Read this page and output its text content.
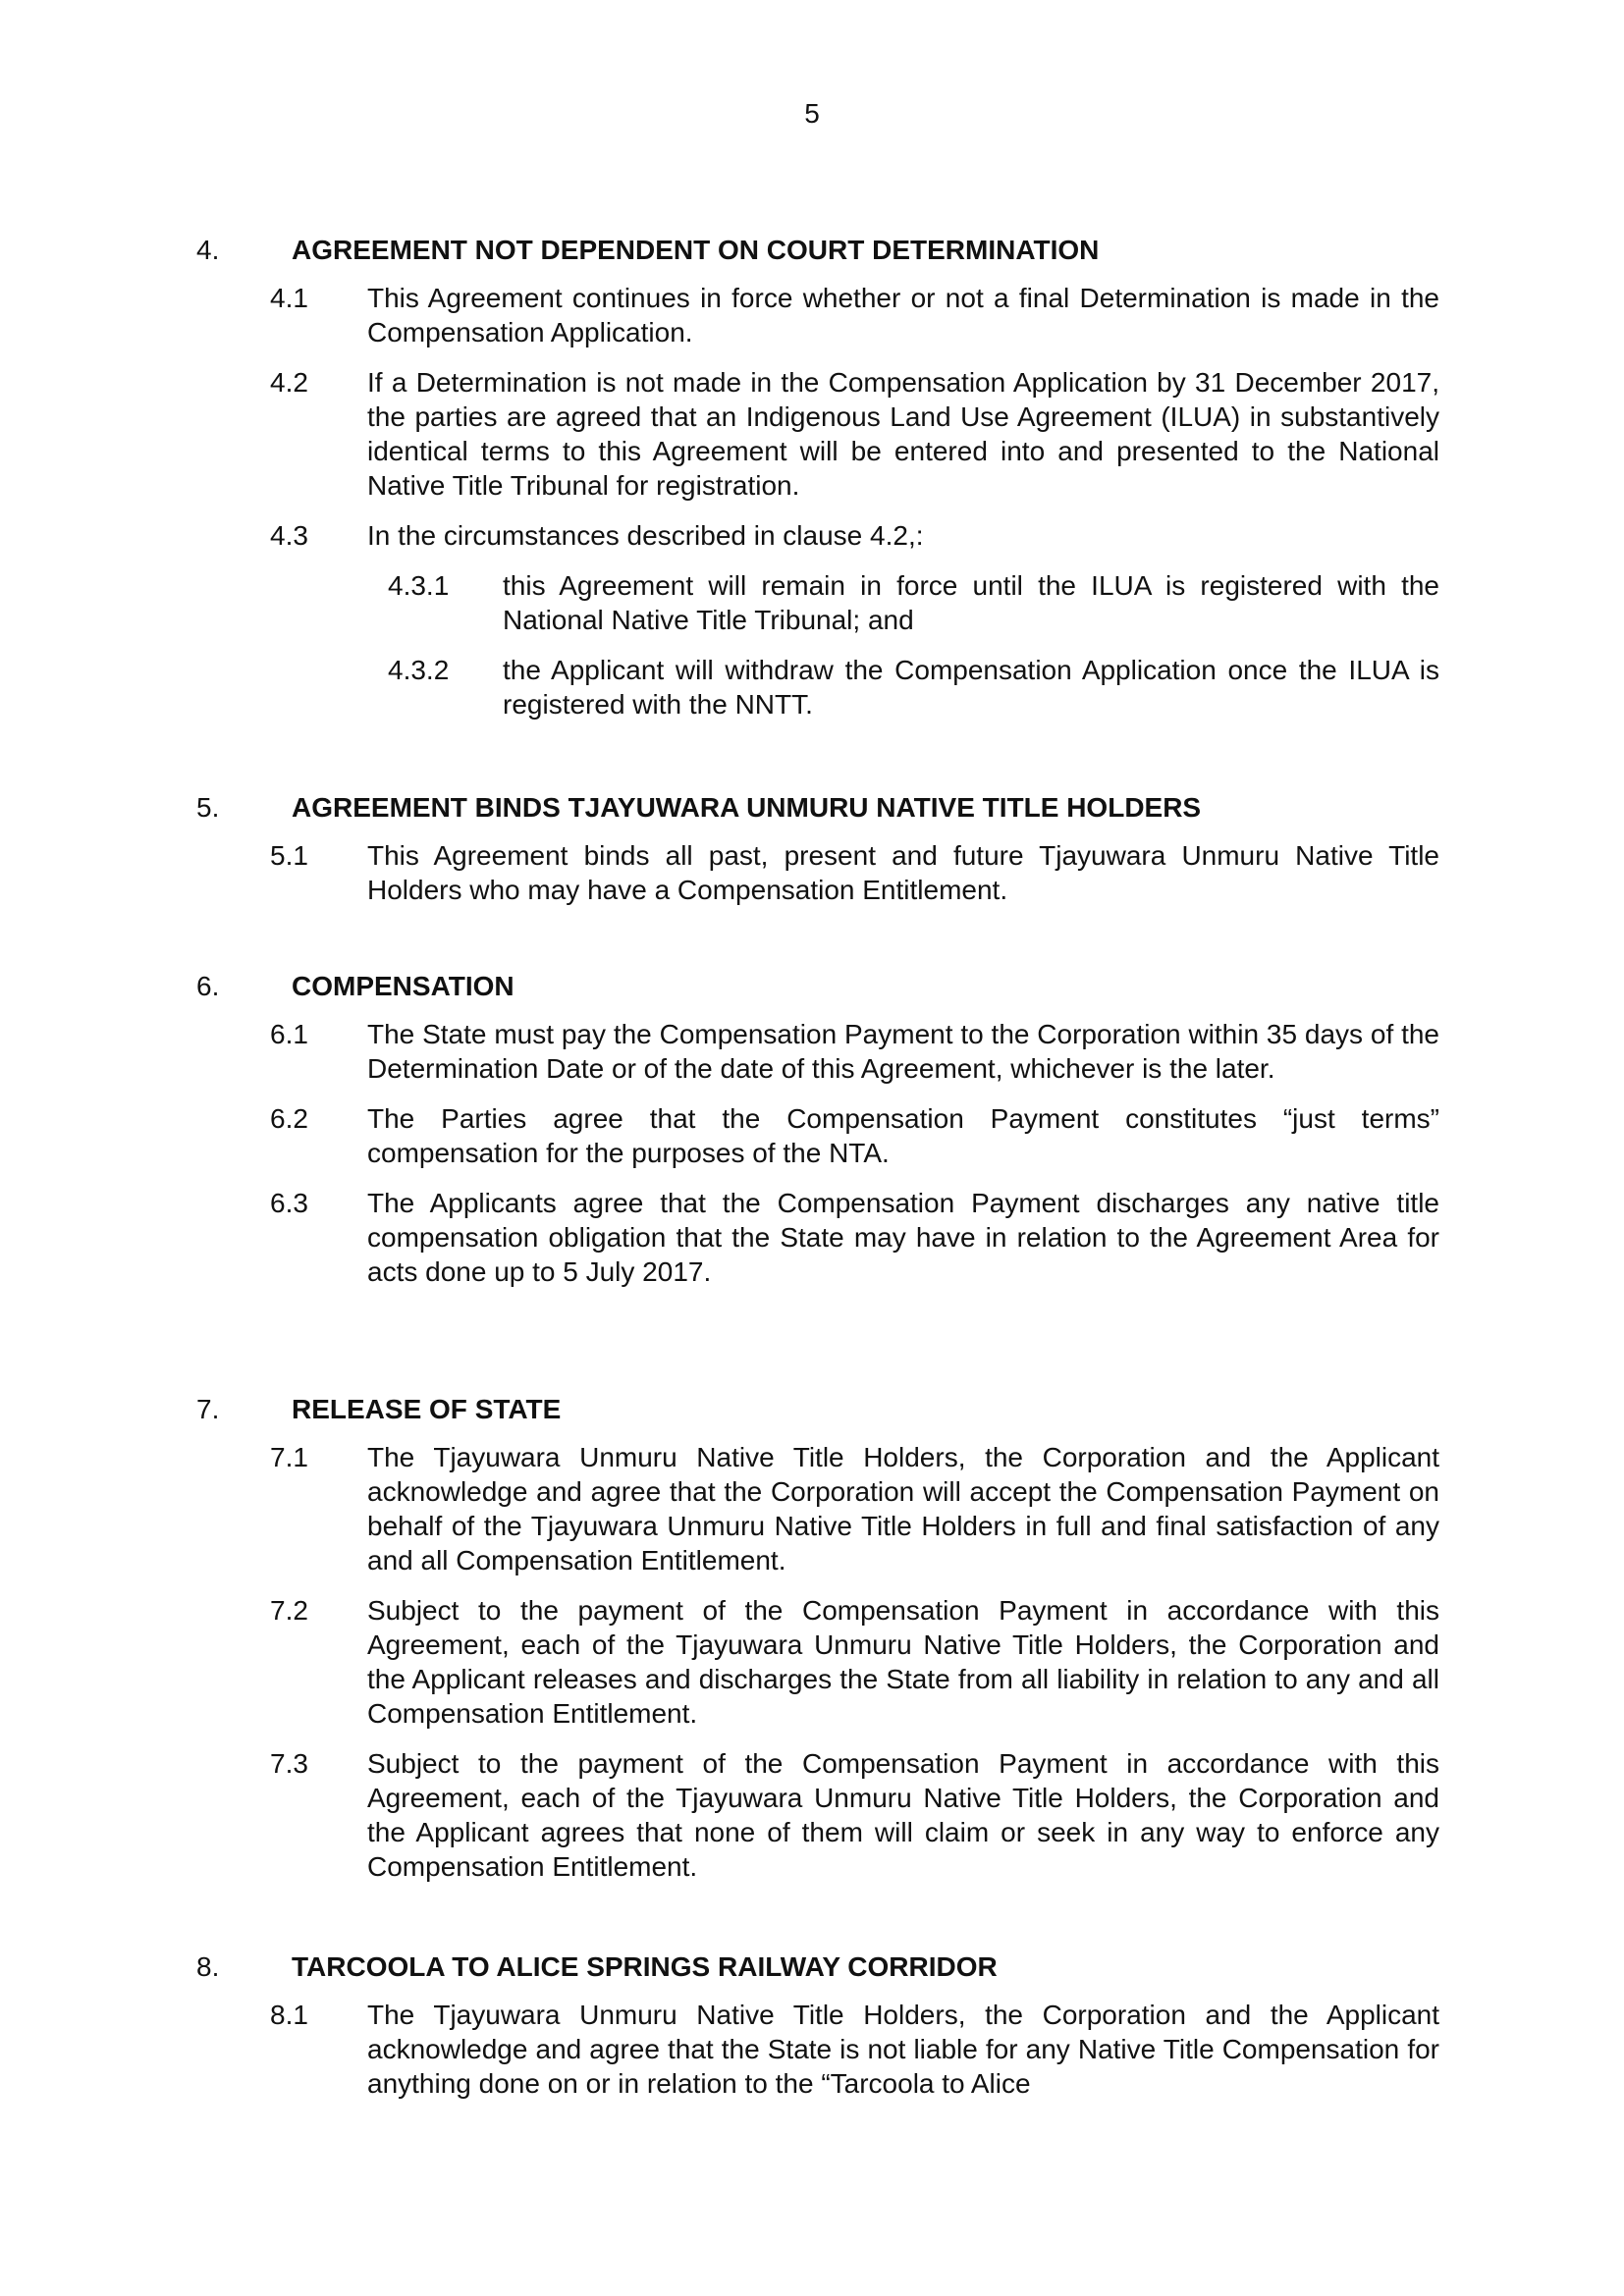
5
4.	AGREEMENT NOT DEPENDENT ON COURT DETERMINATION
4.1	This Agreement continues in force whether or not a final Determination is made in the Compensation Application.
4.2	If a Determination is not made in the Compensation Application by 31 December 2017, the parties are agreed that an Indigenous Land Use Agreement (ILUA) in substantively identical terms to this Agreement will be entered into and presented to the National Native Title Tribunal for registration.
4.3	In the circumstances described in clause 4.2,:
4.3.1	this Agreement will remain in force until the ILUA is registered with the National Native Title Tribunal; and
4.3.2	the Applicant will withdraw the Compensation Application once the ILUA is registered with the NNTT.
5.	AGREEMENT BINDS TJAYUWARA UNMURU NATIVE TITLE HOLDERS
5.1	This Agreement binds all past, present and future Tjayuwara Unmuru Native Title Holders who may have a Compensation Entitlement.
6.	COMPENSATION
6.1	The State must pay the Compensation Payment to the Corporation within 35 days of the Determination Date or of the date of this Agreement, whichever is the later.
6.2	The Parties agree that the Compensation Payment constitutes “just terms” compensation for the purposes of the NTA.
6.3	The Applicants agree that the Compensation Payment discharges any native title compensation obligation that the State may have in relation to the Agreement Area for acts done up to 5 July 2017.
7.	RELEASE OF STATE
7.1	The Tjayuwara Unmuru Native Title Holders, the Corporation and the Applicant acknowledge and agree that the Corporation will accept the Compensation Payment on behalf of the Tjayuwara Unmuru Native Title Holders in full and final satisfaction of any and all Compensation Entitlement.
7.2	Subject to the payment of the Compensation Payment in accordance with this Agreement, each of the Tjayuwara Unmuru Native Title Holders, the Corporation and the Applicant releases and discharges the State from all liability in relation to any and all Compensation Entitlement.
7.3	Subject to the payment of the Compensation Payment in accordance with this Agreement, each of the Tjayuwara Unmuru Native Title Holders, the Corporation and the Applicant agrees that none of them will claim or seek in any way to enforce any Compensation Entitlement.
8.	TARCOOLA TO ALICE SPRINGS RAILWAY CORRIDOR
8.1	The Tjayuwara Unmuru Native Title Holders, the Corporation and the Applicant acknowledge and agree that the State is not liable for any Native Title Compensation for anything done on or in relation to the “Tarcoola to Alice
